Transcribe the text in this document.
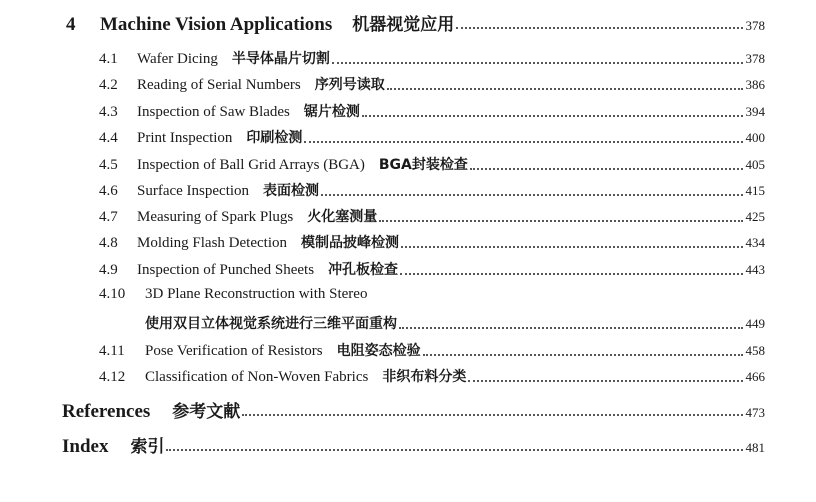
4	Machine Vision Applications 机器视觉应用	378
4.1	Wafer Dicing 半导体晶片切割	378
4.2	Reading of Serial Numbers 序列号读取	386
4.3	Inspection of Saw Blades 锯片检测	394
4.4	Print Inspection 印刷检测	400
4.5	Inspection of Ball Grid Arrays (BGA) BGA封装检查	405
4.6	Surface Inspection 表面检测	415
4.7	Measuring of Spark Plugs 火化塞测量	425
4.8	Molding Flash Detection 模制品披峰检测	434
4.9	Inspection of Punched Sheets 冲孔板检查	443
4.10	3D Plane Reconstruction with Stereo
使用双目立体视觉系统进行三维平面重构	449
4.11	Pose Verification of Resistors 电阻姿态检验	458
4.12	Classification of Non-Woven Fabrics 非织布料分类	466
References 参考文献	473
Index 索引	481
